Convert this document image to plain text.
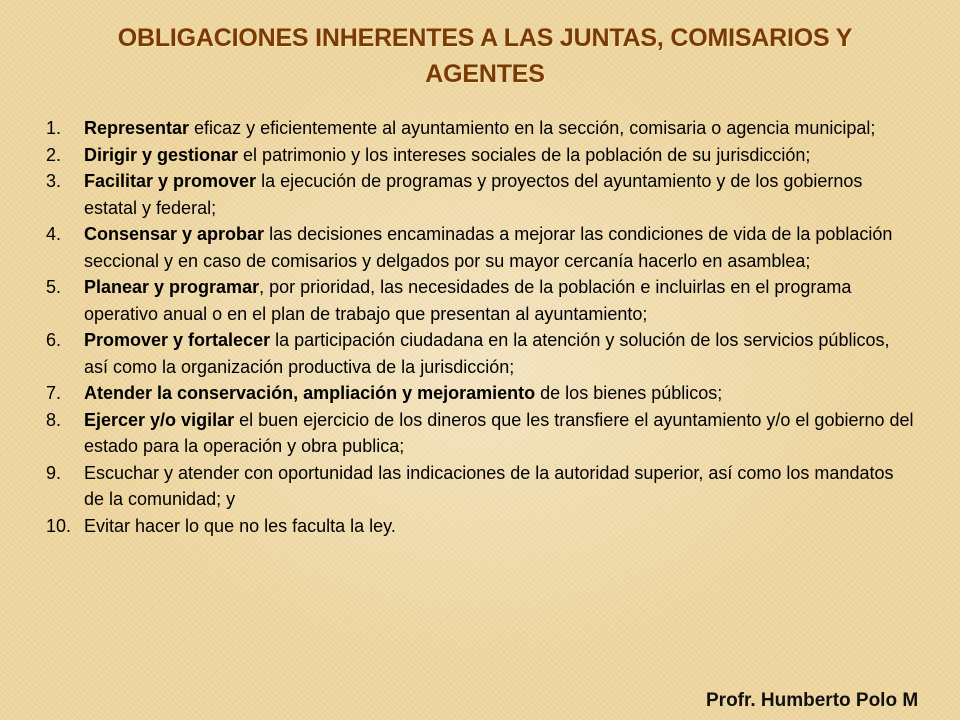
OBLIGACIONES INHERENTES A LAS JUNTAS, COMISARIOS Y AGENTES
1. Representar eficaz y eficientemente al ayuntamiento en la sección, comisaria o agencia municipal;
2. Dirigir y gestionar el patrimonio y los intereses sociales de la población de su jurisdicción;
3. Facilitar y promover la ejecución de programas y proyectos del ayuntamiento y de los gobiernos estatal y federal;
4. Consensar y aprobar las decisiones encaminadas a mejorar las condiciones de vida de la población seccional y en caso de comisarios y delgados por su mayor cercanía hacerlo en asamblea;
5. Planear y programar, por prioridad, las necesidades de la población e incluirlas en el programa operativo anual o en el plan de trabajo que presentan al ayuntamiento;
6. Promover y fortalecer la participación ciudadana en la atención y solución de los servicios públicos, así como la organización productiva de la jurisdicción;
7. Atender la conservación, ampliación y mejoramiento de los bienes públicos;
8. Ejercer y/o vigilar el buen ejercicio de los dineros que les transfiere el ayuntamiento y/o el gobierno del estado para la operación y obra publica;
9. Escuchar y atender con oportunidad las indicaciones de la autoridad superior, así como los mandatos de la comunidad; y
10. Evitar hacer lo que no les faculta la ley.
Profr. Humberto Polo M
